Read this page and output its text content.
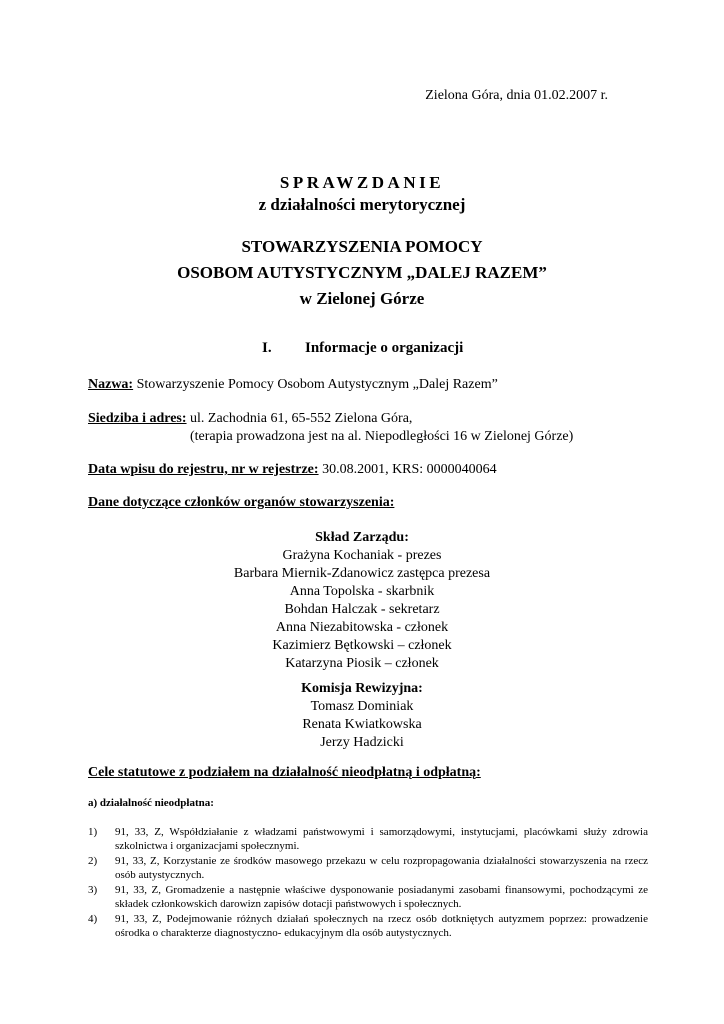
Zielona Góra, dnia 01.02.2007 r.
SPRAWZDANIE
z działalności merytorycznej
STOWARZYSZENIA POMOCY
OSOBOM AUTYSTYCZNYM „DALEJ RAZEM”
w Zielonej Górze
I. Informacje o organizacji
Nazwa: Stowarzyszenie Pomocy Osobom Autystycznym „Dalej Razem”
Siedziba i adres: ul. Zachodnia 61, 65-552 Zielona Góra,
(terapia prowadzona jest na al. Niepodległości 16 w Zielonej Górze)
Data wpisu do rejestru, nr w rejestrze: 30.08.2001, KRS: 0000040064
Dane dotyczące członków organów stowarzyszenia:
Skład Zarządu:
Grażyna Kochaniak - prezes
Barbara Miernik-Zdanowicz zastępca prezesa
Anna Topolska - skarbnik
Bohdan Halczak - sekretarz
Anna Niezabitowska - członek
Kazimierz Bętkowski – członek
Katarzyna Piosik – członek
Komisja Rewizyjna:
Tomasz Dominiak
Renata Kwiatkowska
Jerzy Hadzicki
Cele statutowe z podziałem na działalność nieodpłatną i odpłatną:
a) działalność nieodpłatna:
1) 91, 33, Z, Współdziałanie z władzami państwowymi i samorządowymi, instytucjami, placówkami służy zdrowia szkolnictwa i organizacjami społecznymi.
2) 91, 33, Z, Korzystanie ze środków masowego przekazu w celu rozpropagowania działalności stowarzyszenia na rzecz osób autystycznych.
3) 91, 33, Z, Gromadzenie a następnie właściwe dysponowanie posiadanymi zasobami finansowymi, pochodzącymi ze składek członkowskich darowizn zapisów dotacji państwowych i społecznych.
4) 91, 33, Z, Podejmowanie różnych działań społecznych na rzecz osób dotkniętych autyzmem poprzez: prowadzenie ośrodka o charakterze diagnostyczno- edukacyjnym dla osób autystycznych.
